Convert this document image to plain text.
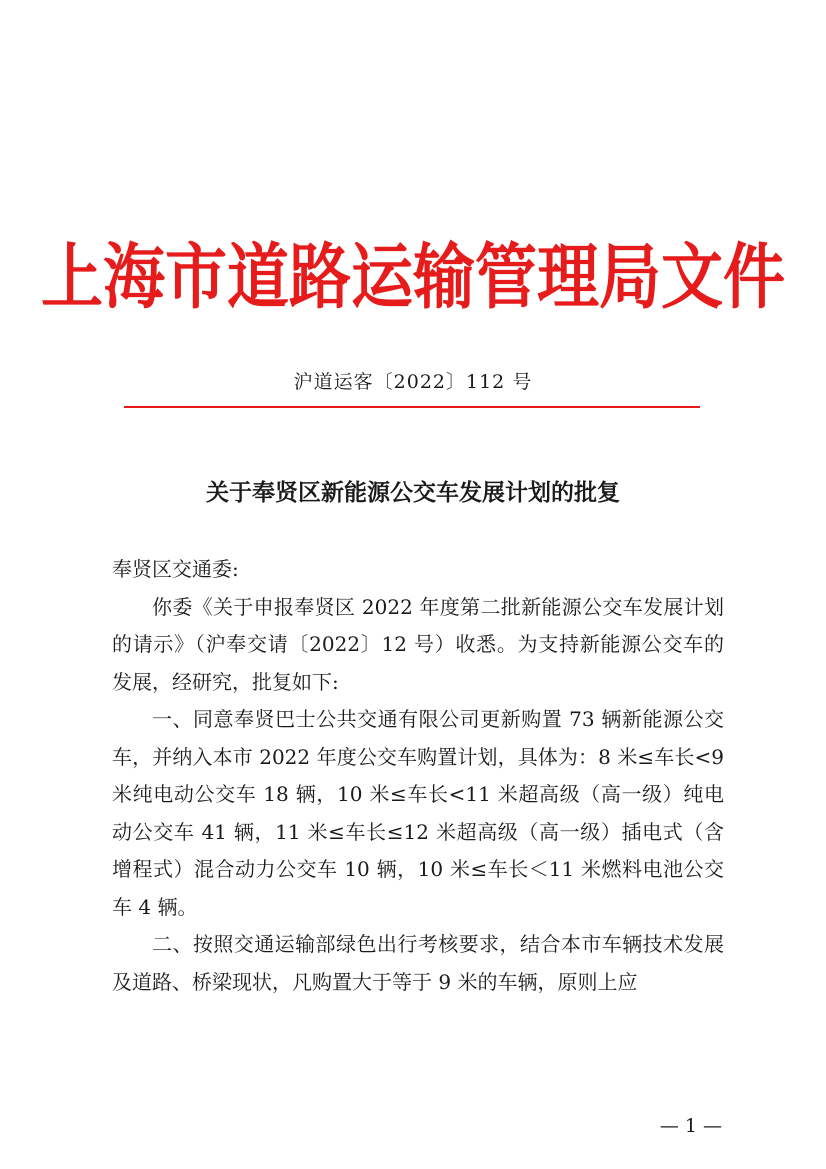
上海市道路运输管理局文件
沪道运客〔2022〕112 号
关于奉贤区新能源公交车发展计划的批复

奉贤区交通委:

你委《关于申报奉贤区 2022 年度第二批新能源公交车发展计划的请示》（沪奉交请〔2022〕12 号）收悉。为支持新能源公交车的发展，经研究，批复如下:

一、同意奉贤巴士公共交通有限公司更新购置 73 辆新能源公交车，并纳入本市 2022 年度公交车购置计划，具体为：8 米≤车长<9 米纯电动公交车 18 辆，10 米≤车长<11 米超高级（高一级）纯电动公交车 41 辆，11 米≤车长≤12 米超高级（高一级）插电式（含增程式）混合动力公交车 10 辆，10 米≤车长＜11 米燃料电池公交车 4 辆。

二、按照交通运输部绿色出行考核要求，结合本市车辆技术发展及道路、桥梁现状，凡购置大于等于 9 米的车辆，原则上应

— 1 —
